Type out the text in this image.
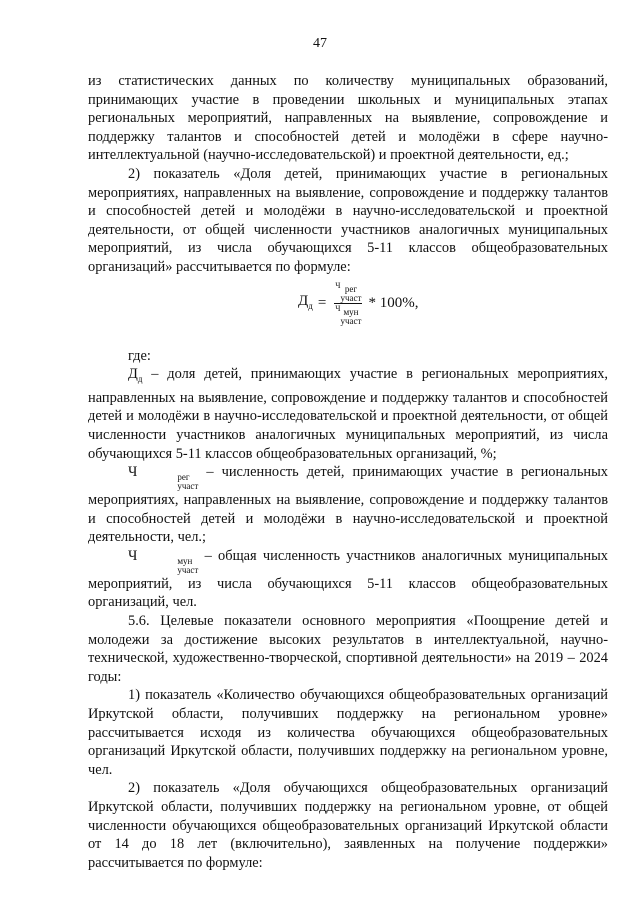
47

из статистических данных по количеству муниципальных образований, принимающих участие в проведении школьных и муниципальных этапах региональных мероприятий, направленных на выявление, сопровождение и поддержку талантов и способностей детей и молодёжи в сфере научно-интеллектуальной (научно-исследовательской) и проектной деятельности, ед.;

2) показатель «Доля детей, принимающих участие в региональных мероприятиях, направленных на выявление, сопровождение и поддержку талантов и способностей детей и молодёжи в научно-исследовательской и проектной деятельности, от общей численности участников аналогичных муниципальных мероприятий, из числа обучающихся 5-11 классов общеобразовательных организаций» рассчитывается по формуле:

$Д_д = Ч$ рег
участ
Ч мун
участ * 100%,

где:

$Д_д$ – доля детей, принимающих участие в региональных мероприятиях, направленных на выявление, сопровождение и поддержку талантов и способностей детей и молодёжи в научно-исследовательской и проектной деятельности, от общей численности участников аналогичных муниципальных мероприятий, из числа обучающихся 5-11 классов общеобразовательных организаций, %;

Ч	рег
участ
– численность детей, принимающих участие в региональных мероприятиях, направленных на выявление, сопровождение и поддержку талантов и способностей детей и молодёжи в научно-исследовательской и проектной деятельности, чел.;

Ч	мун
участ
– общая численность участников аналогичных муниципальных мероприятий, из числа обучающихся 5-11 классов общеобразовательных организаций, чел.

5.6. Целевые показатели основного мероприятия «Поощрение детей и молодежи за достижение высоких результатов в интеллектуальной, научно-технической, художественно-творческой, спортивной деятельности» на 2019 – 2024 годы:

1) показатель «Количество обучающихся общеобразовательных организаций Иркутской области, получивших поддержку на региональном уровне» рассчитывается исходя из количества обучающихся общеобразовательных организаций Иркутской области, получивших поддержку на региональном уровне, чел.

2) показатель «Доля обучающихся общеобразовательных организаций Иркутской области, получивших поддержку на региональном уровне, от общей численности обучающихся общеобразовательных организаций Иркутской области от 14 до 18 лет (включительно), заявленных на получение поддержки» рассчитывается по формуле:
